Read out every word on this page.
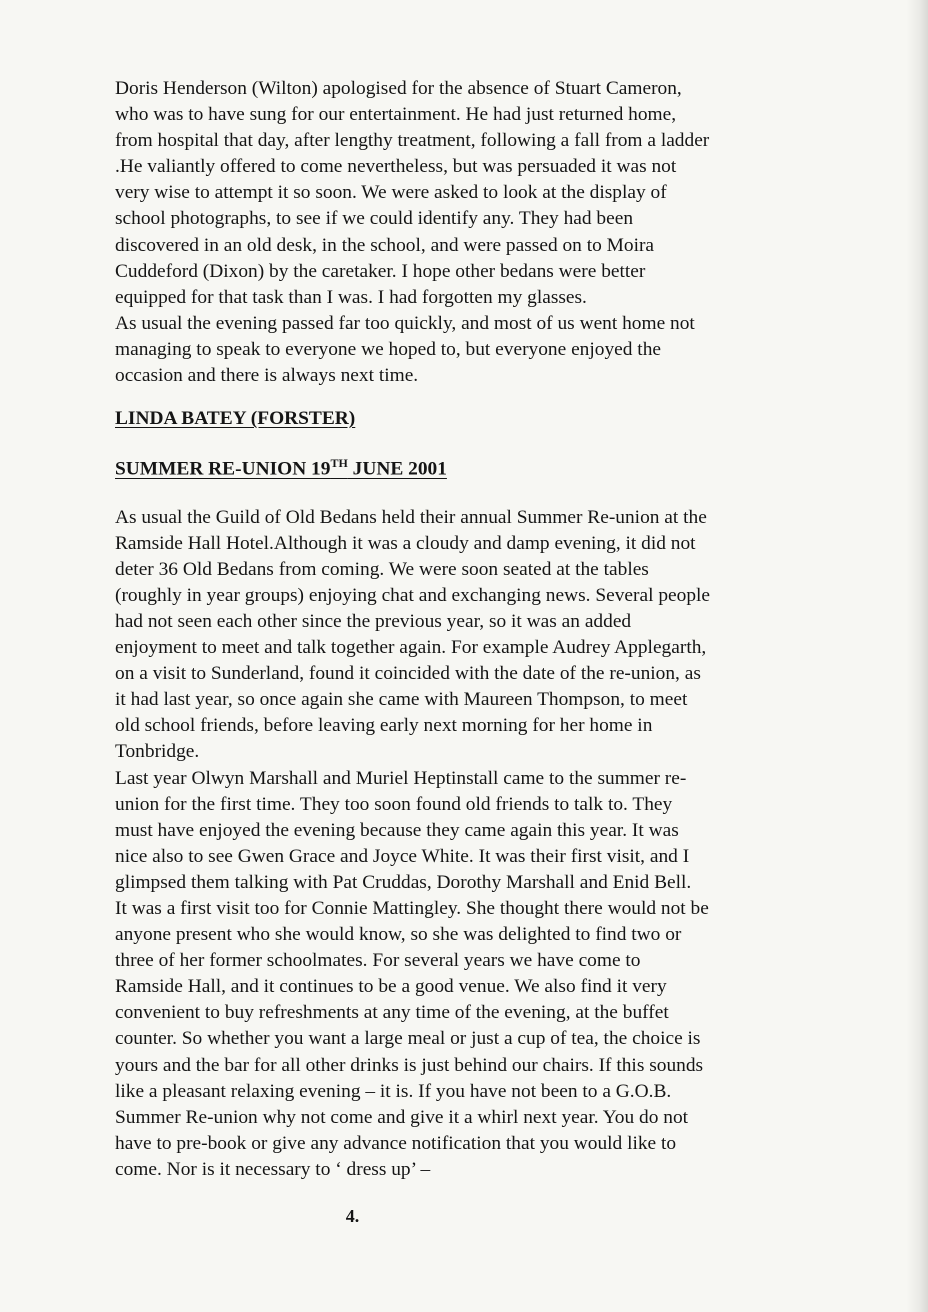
Doris Henderson (Wilton) apologised for the absence of Stuart Cameron,
who was to have sung for our entertainment. He had just returned home,
from hospital that day, after lengthy treatment, following a fall from a ladder
.He valiantly offered to come nevertheless, but was persuaded it was not
very wise to attempt it so soon. We were asked to look at the display of
school photographs, to see if we could identify any. They had been
discovered in an old desk, in the school, and were passed on to Moira
Cuddeford (Dixon) by the caretaker. I hope other bedans were better
equipped for that task than I was. I had forgotten my glasses.

As usual the evening passed far too quickly, and most of us went home not
managing to speak to everyone we hoped to, but everyone enjoyed the
occasion and there is always next time.

LINDA BATEY (FORSTER)
SUMMER RE-UNION 19TH JUNE 2001

As usual the Guild of Old Bedans held their annual Summer Re-union at the
Ramside Hall Hotel.Although it was a cloudy and damp evening, it did not
deter 36 Old Bedans from coming. We were soon seated at the tables
(roughly in year groups) enjoying chat and exchanging news. Several people
had not seen each other since the previous year, so it was an added
enjoyment to meet and talk together again. For example Audrey Applegarth,
on a visit to Sunderland, found it coincided with the date of the re-union, as
it had last year, so once again she came with Maureen Thompson, to meet
old school friends, before leaving early next morning for her home in
Tonbridge.

Last year Olwyn Marshall and Muriel Heptinstall came to the summer re-
union for the first time. They too soon found old friends to talk to. They
must have enjoyed the evening because they came again this year. It was
nice also to see Gwen Grace and Joyce White. It was their first visit, and I
glimpsed them talking with Pat Cruddas, Dorothy Marshall and Enid Bell.
It was a first visit too for Connie Mattingley. She thought there would not be
anyone present who she would know, so she was delighted to find two or
three of her former schoolmates. For several years we have come to
Ramside Hall, and it continues to be a good venue. We also find it very
convenient to buy refreshments at any time of the evening, at the buffet
counter. So whether you want a large meal or just a cup of tea, the choice is
yours and the bar for all other drinks is just behind our chairs. If this sounds
like a pleasant relaxing evening – it is. If you have not been to a G.O.B.
Summer Re-union why not come and give it a whirl next year. You do not
have to pre-book or give any advance notification that you would like to
come. Nor is it necessary to ‘ dress up’ –

4.
